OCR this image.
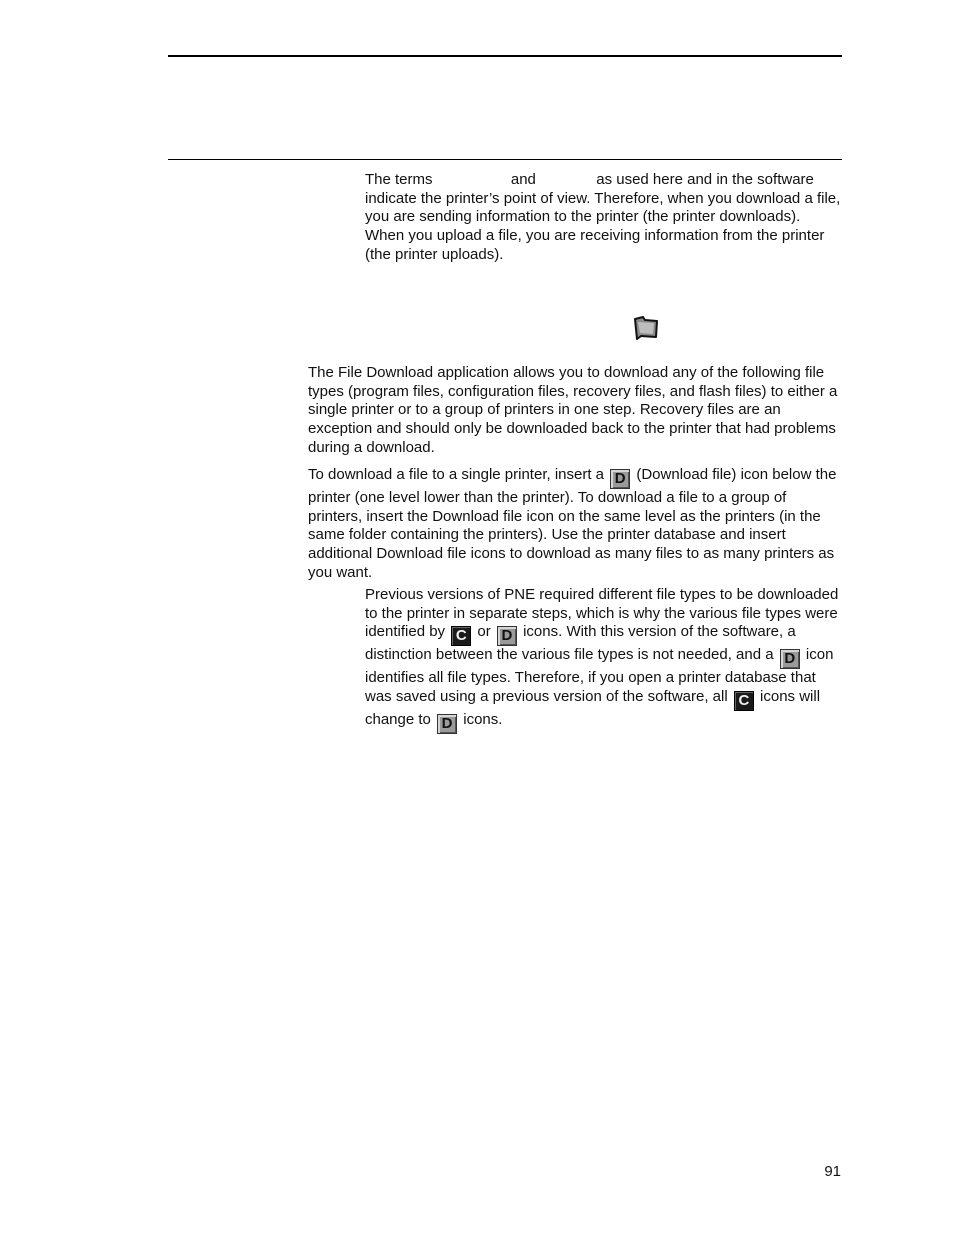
The terms	and	as used here and in the software indicate the printer’s point of view. Therefore, when you download a file, you are sending information to the printer (the printer downloads). When you upload a file, you are receiving information from the printer (the printer uploads).

The File Download application allows you to download any of the following file types (program files, configuration files, recovery files, and flash files) to either a single printer or to a group of printers in one step. Recovery files are an exception and should only be downloaded back to the printer that had problems during a download.

To download a file to a single printer, insert a D (Download file) icon below the printer (one level lower than the printer). To download a file to a group of printers, insert the Download file icon on the same level as the printers (in the same folder containing the printers). Use the printer database and insert additional Download file icons to download as many files to as many printers as you want.

Previous versions of PNE required different file types to be downloaded to the printer in separate steps, which is why the various file types were identified by C or D icons. With this version of the software, a distinction between the various file types is not needed, and a D icon identifies all file types. Therefore, if you open a printer database that was saved using a previous version of the software, all C icons will change to D icons.

91
